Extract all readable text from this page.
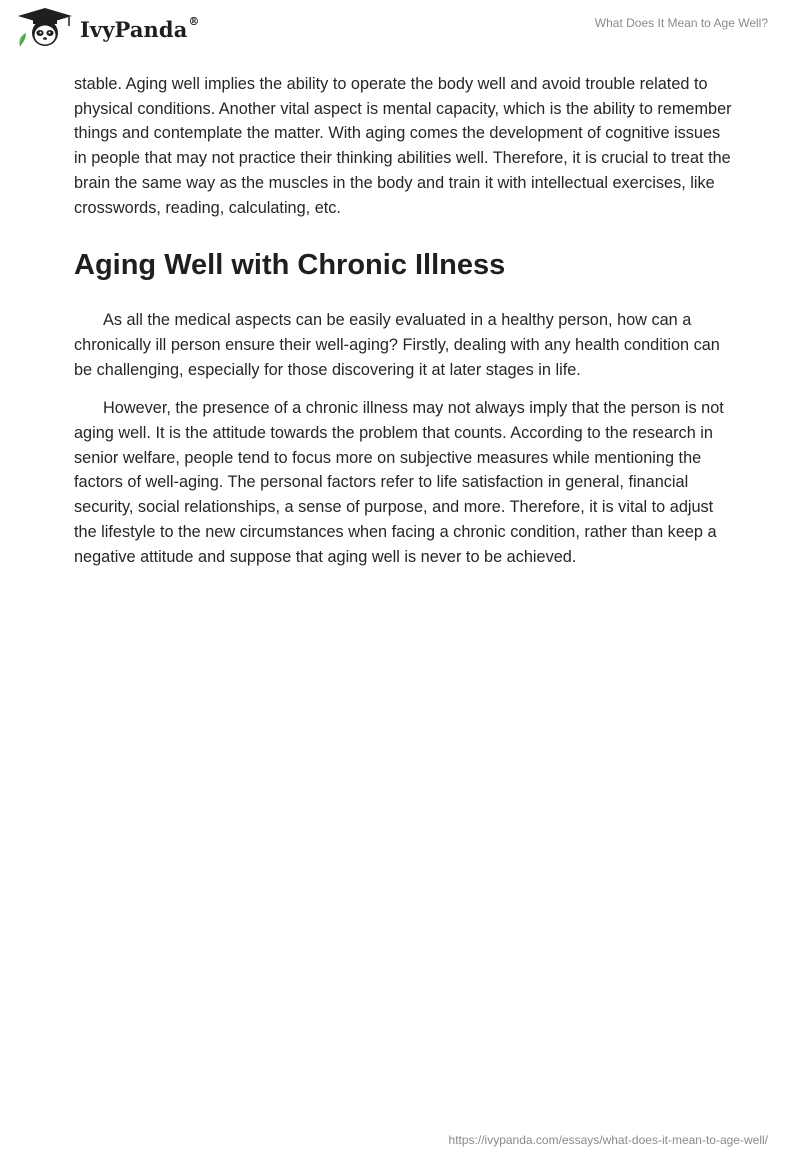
IvyPanda®	What Does It Mean to Age Well?

stable. Aging well implies the ability to operate the body well and avoid trouble related to physical conditions. Another vital aspect is mental capacity, which is the ability to remember things and contemplate the matter. With aging comes the development of cognitive issues in people that may not practice their thinking abilities well. Therefore, it is crucial to treat the brain the same way as the muscles in the body and train it with intellectual exercises, like crosswords, reading, calculating, etc.

Aging Well with Chronic Illness

As all the medical aspects can be easily evaluated in a healthy person, how can a chronically ill person ensure their well-aging? Firstly, dealing with any health condition can be challenging, especially for those discovering it at later stages in life.

However, the presence of a chronic illness may not always imply that the person is not aging well. It is the attitude towards the problem that counts. According to the research in senior welfare, people tend to focus more on subjective measures while mentioning the factors of well-aging. The personal factors refer to life satisfaction in general, financial security, social relationships, a sense of purpose, and more. Therefore, it is vital to adjust the lifestyle to the new circumstances when facing a chronic condition, rather than keep a negative attitude and suppose that aging well is never to be achieved.

https://ivypanda.com/essays/what-does-it-mean-to-age-well/
